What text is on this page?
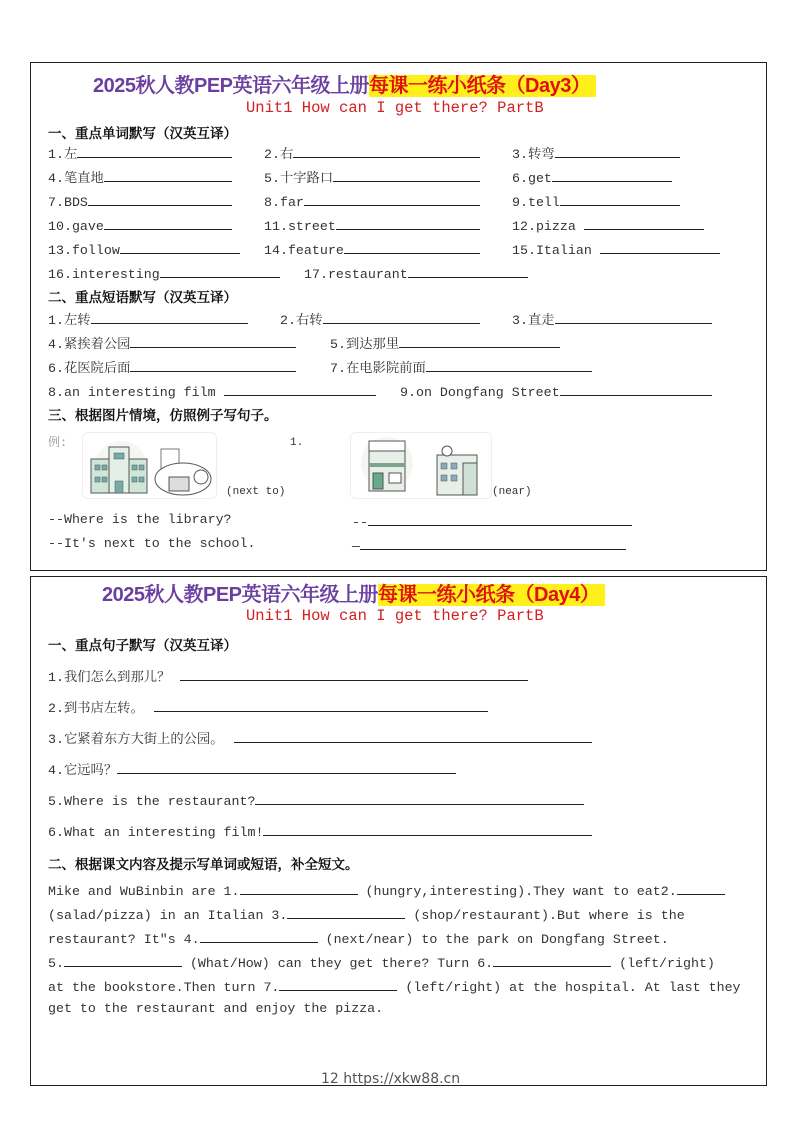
2025秋人教PEP英语六年级上册每课一练小纸条（Day3）
Unit1 How can I get there? PartB
一、重点单词默写（汉英互译）
1.左	2.右	3.转弯
4.笔直地	5.十字路口	6.get
7.BDS	8.far	9.tell
10.gave	11.street	12.pizza
13.follow	14.feature	15.Italian
16.interesting	17.restaurant
二、重点短语默写（汉英互译）
1.左转	2.右转	3.直走
4.紧挨着公园	5.到达那里
6.花医院后面	7.在电影院前面
8.an interesting film	9.on Dongfang Street
三、根据图片情境，仿照例子写句子。
例:
(next to)
1.
(near)
--Where is the library?
--It's next to the school.
--
—
2025秋人教PEP英语六年级上册每课一练小纸条（Day4）
Unit1 How can I get there? PartB
一、重点句子默写（汉英互译）
1.我们怎么到那儿？
2.到书店左转。
3.它紧着东方大街上的公园。
4.它远吗？
5.Where is the restaurant?
6.What an interesting film!
二、根据课文内容及提示写单词或短语，补全短文。
Mike and WuBinbin are 1.	(hungry,interesting).They want to eat2.
(salad/pizza) in an Italian 3.	(shop/restaurant).But where is the
restaurant? It"s 4.	(next/near) to the park on Dongfang Street.
5.	(What/How) can they get there? Turn 6.	(left/right)
at the bookstore.Then turn 7.	(left/right) at the hospital. At last they
get to the restaurant and enjoy the pizza.
12 https://xkw88.cn
